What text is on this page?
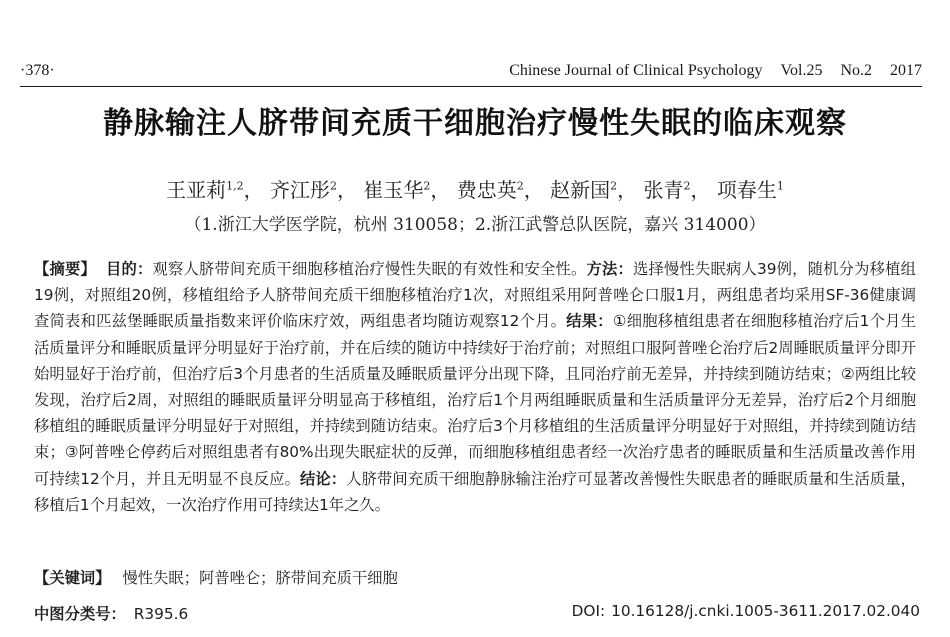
·378·	Chinese Journal of Clinical Psychology Vol.25 No.2 2017
静脉输注人脐带间充质干细胞治疗慢性失眠的临床观察
王亚莉$^{1,2}$， 齐江彤$^2$， 崔玉华$^2$， 费忠英$^2$， 赵新国$^2$， 张青$^2$， 项春生$^1$
（1.浙江大学医学院，杭州 310058；2.浙江武警总队医院，嘉兴 314000）
【摘要】 目的：观察人脐带间充质干细胞移植治疗慢性失眠的有效性和安全性。方法：选择慢性失眠病人39例，随机分为移植组19例，对照组20例，移植组给予人脐带间充质干细胞移植治疗1次，对照组采用阿普唑仑口服1月，两组患者均采用SF-36健康调查简表和匹兹堡睡眠质量指数来评价临床疗效，两组患者均随访观察12个月。结果：①细胞移植组患者在细胞移植治疗后1个月生活质量评分和睡眠质量评分明显好于治疗前，并在后续的随访中持续好于治疗前；对照组口服阿普唑仑治疗后2周睡眠质量评分即开始明显好于治疗前，但治疗后3个月患者的生活质量及睡眠质量评分出现下降，且同治疗前无差异，并持续到随访结束；②两组比较发现，治疗后2周，对照组的睡眠质量评分明显高于移植组，治疗后1个月两组睡眠质量和生活质量评分无差异，治疗后2个月细胞移植组的睡眠质量评分明显好于对照组，并持续到随访结束。治疗后3个月移植组的生活质量评分明显好于对照组，并持续到随访结束；③阿普唑仑停药后对照组患者有80%出现失眠症状的反弹，而细胞移植组患者经一次治疗患者的睡眠质量和生活质量改善作用可持续12个月，并且无明显不良反应。结论：人脐带间充质干细胞静脉输注治疗可显著改善慢性失眠患者的睡眠质量和生活质量，移植后1个月起效，一次治疗作用可持续达1年之久。
【关键词】 慢性失眠；阿普唑仑；脐带间充质干细胞
中图分类号： R395.6	DOI: 10.16128/j.cnki.1005-3611.2017.02.040
